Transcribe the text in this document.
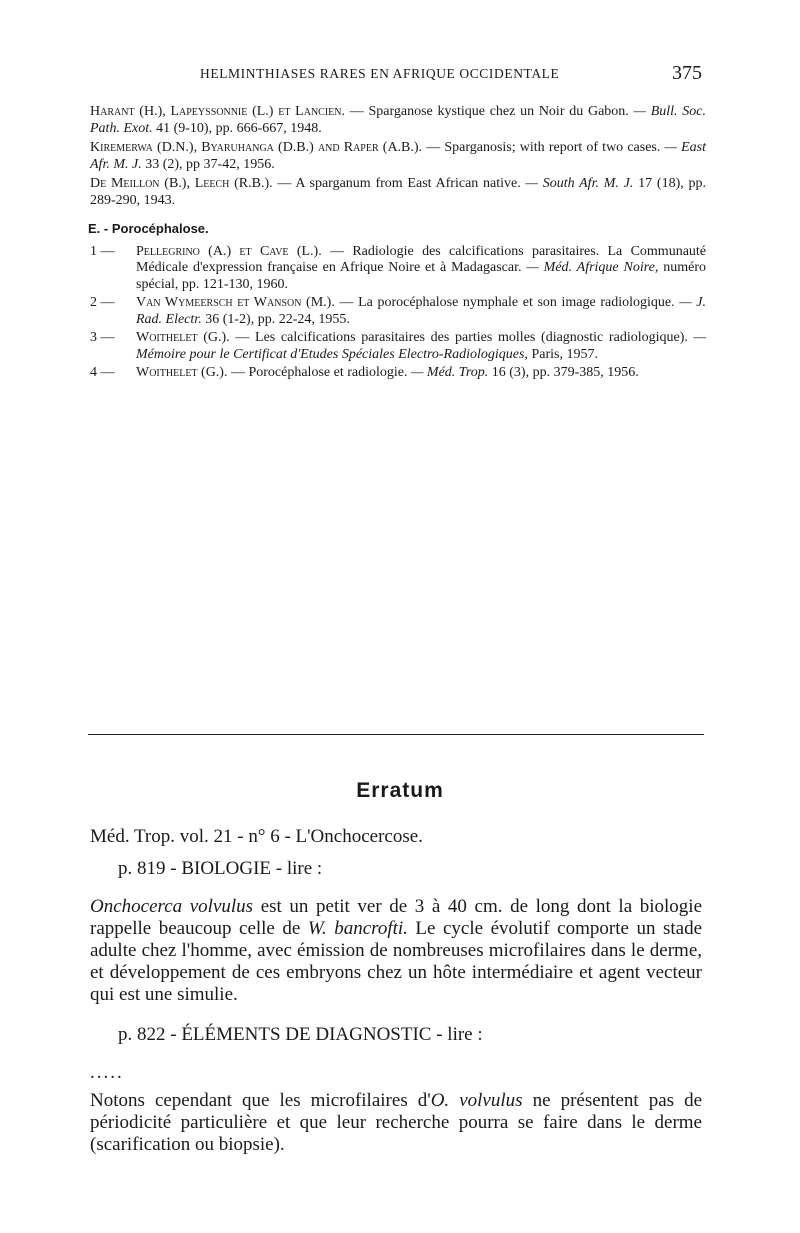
HELMINTHIASES RARES EN AFRIQUE OCCIDENTALE	375

Harant (H.), Lapeyssonnie (L.) et Lancien. — Sparganose kystique chez un Noir du Gabon. — Bull. Soc. Path. Exot. 41 (9-10), pp. 666-667, 1948.

Kiremerwa (D.N.), Byaruhanga (D.B.) and Raper (A.B.). — Sparganosis; with report of two cases. — East Afr. M. J. 33 (2), pp 37-42, 1956.

De Meillon (B.), Leech (R.B.). — A sparganum from East African native. — South Afr. M. J. 17 (18), pp. 289-290, 1943.

E. - Porocéphalose.
1 —	Pellegrino (A.) et Cave (L.). — Radiologie des calcifications parasitaires. La Communauté Médicale d'expression française en Afrique Noire et à Madagascar. — Méd. Afrique Noire, numéro spécial, pp. 121-130, 1960.
2 —	Van Wymeersch et Wanson (M.). — La porocéphalose nymphale et son image radiologique. — J. Rad. Electr. 36 (1-2), pp. 22-24, 1955.
3 —	Woithelet (G.). — Les calcifications parasitaires des parties molles (diagnostic radiologique). — Mémoire pour le Certificat d'Etudes Spéciales Electro-Radiologiques, Paris, 1957.
4 —	Woithelet (G.). — Porocéphalose et radiologie. — Méd. Trop. 16 (3), pp. 379-385, 1956.
Erratum

Méd. Trop. vol. 21 - n° 6 - L'Onchocercose.

p. 819 - BIOLOGIE - lire :

Onchocerca volvulus est un petit ver de 3 à 40 cm. de long dont la biologie rappelle beaucoup celle de W. bancrofti. Le cycle évolutif comporte un stade adulte chez l'homme, avec émission de nombreuses microfilaires dans le derme, et développement de ces embryons chez un hôte intermédiaire et agent vecteur qui est une simulie.

p. 822 - ÉLÉMENTS DE DIAGNOSTIC - lire :

.....

Notons cependant que les microfilaires d'O. volvulus ne présentent pas de périodicité particulière et que leur recherche pourra se faire dans le derme (scarification ou biopsie).
